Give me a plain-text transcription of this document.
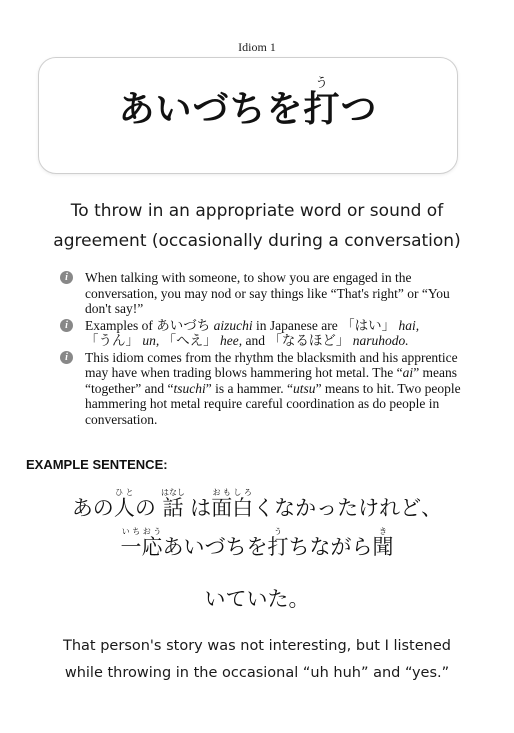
Idiom 1
あいづちを打うつ
To throw in an appropriate word or sound of
agreement (occasionally during a conversation)
i	When talking with someone, to show you are engaged in the conversation, you may nod or say things like “That's right” or “You don't say!”
i	Examples of あいづち aizuchi in Japanese are 「はい」 hai,
「うん」 un, 「へえ」 hee, and 「なるほど」 naruhodo.
i	This idiom comes from the rhythm the blacksmith and his apprentice may have when trading blows hammering hot metal. The “ai” means “together” and “tsuchi” is a hammer. “utsu” means to hit. Two people hammering hot metal require careful coordination as do people in conversation.
EXAMPLE SENTENCE:
あの人ひとの 話はなし は面白おもしろくなかったけれど、
一応いちおうあいづちを打うちながら聞き
いていた。
That person's story was not interesting, but I listened
while throwing in the occasional “uh huh” and “yes.”
